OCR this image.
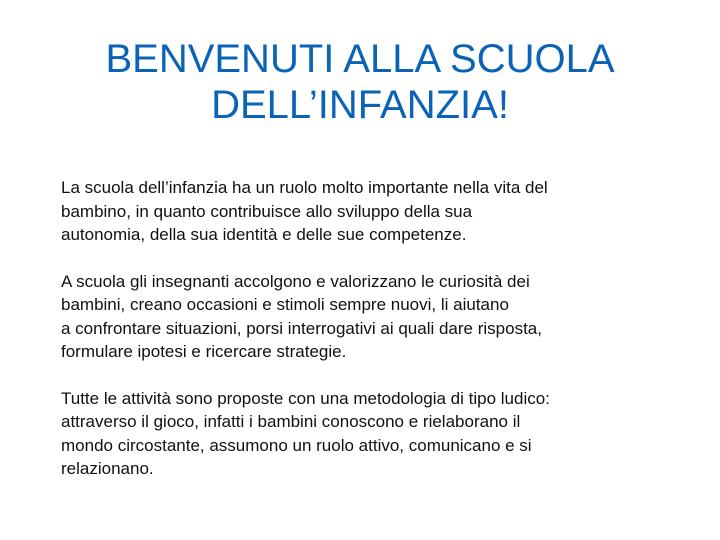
BENVENUTI ALLA SCUOLA
DELL’INFANZIA!

La scuola dell’infanzia ha un ruolo molto importante nella vita del
bambino, in quanto contribuisce allo sviluppo della sua
autonomia, della sua identità e delle sue competenze.

A scuola gli insegnanti accolgono e valorizzano le curiosità dei
bambini, creano occasioni e stimoli sempre nuovi, li aiutano
a confrontare situazioni, porsi interrogativi ai quali dare risposta,
formulare ipotesi e ricercare strategie.

Tutte le attività sono proposte con una metodologia di tipo ludico:
attraverso il gioco, infatti i bambini conoscono e rielaborano il
mondo circostante, assumono un ruolo attivo, comunicano e si
relazionano.
